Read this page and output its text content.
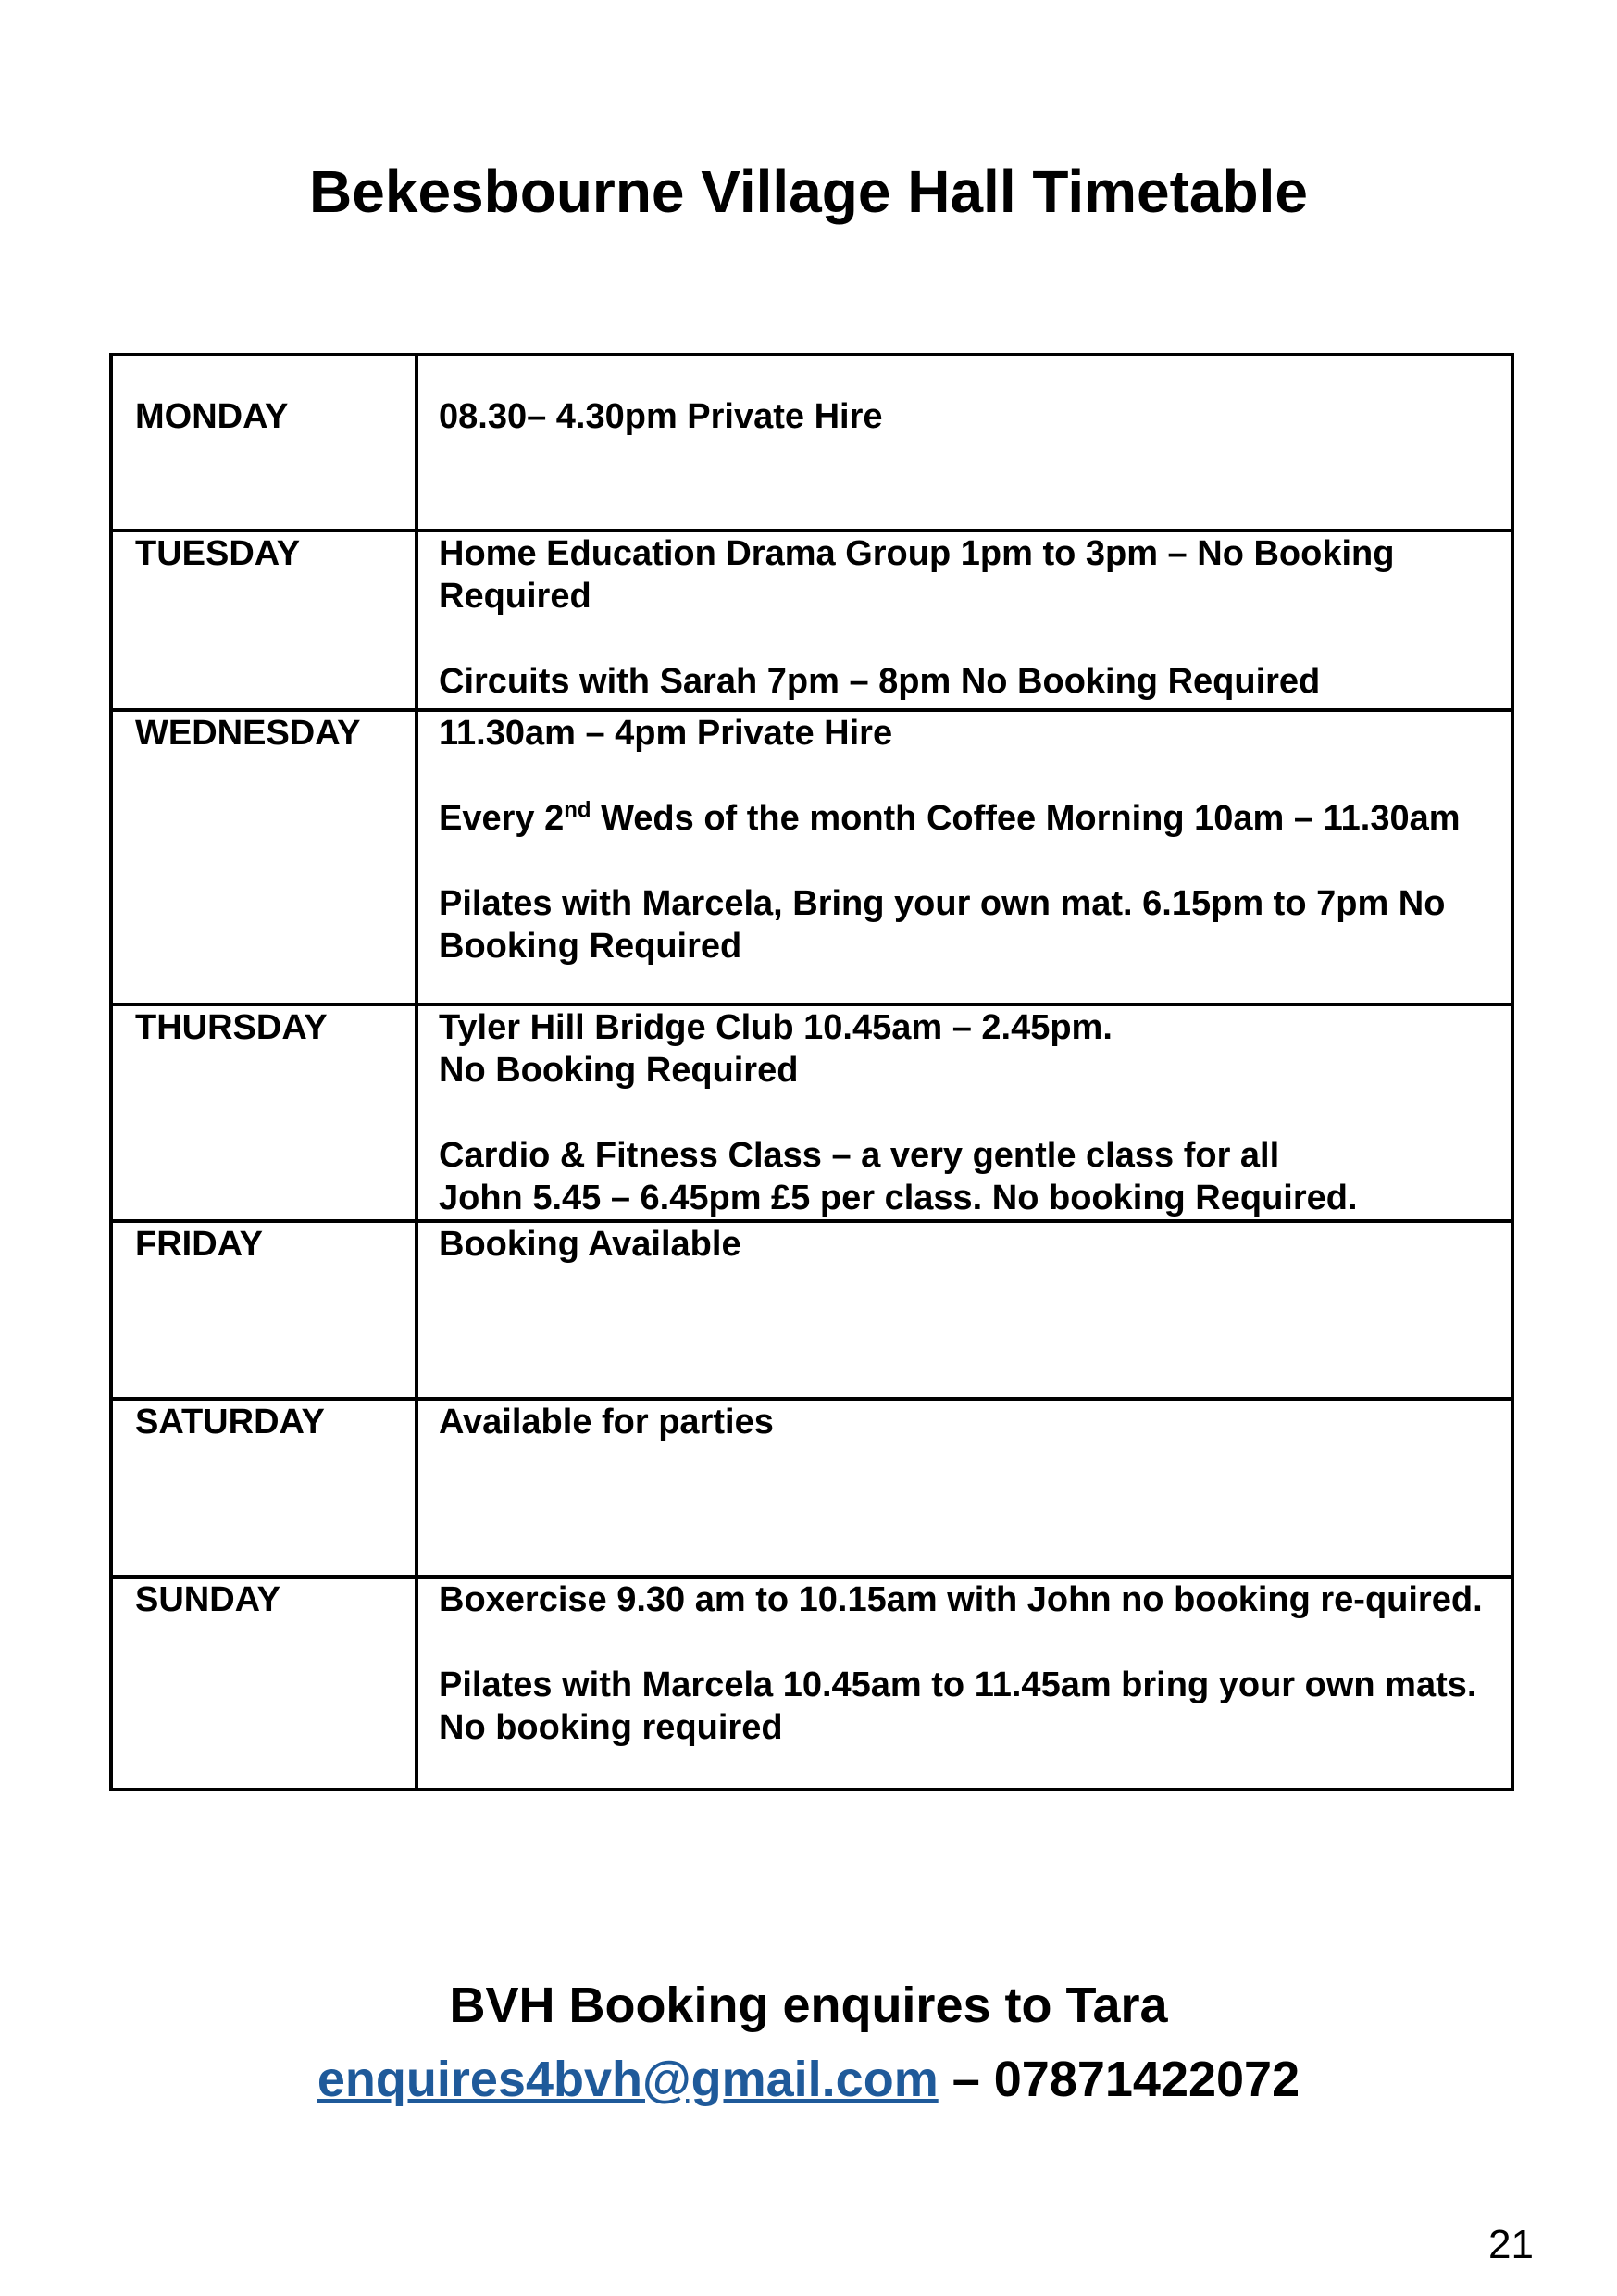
Bekesbourne Village Hall Timetable
MONDAY	08.30– 4.30pm Private Hire

TUESDAY	Home Education Drama Group 1pm to 3pm – No Booking Required

Circuits with Sarah 7pm – 8pm No Booking Required

WEDNESDAY	11.30am – 4pm Private Hire

Every 2nd Weds of the month Coffee Morning 10am – 11.30am

Pilates with Marcela, Bring your own mat. 6.15pm to 7pm No Booking Required

THURSDAY	Tyler Hill Bridge Club 10.45am – 2.45pm.
No Booking Required

Cardio & Fitness Class – a very gentle class for all
John 5.45 – 6.45pm £5 per class. No booking Required.

FRIDAY	Booking Available

SATURDAY	Available for parties

SUNDAY	Boxercise 9.30 am to 10.15am with John no booking re-quired.

Pilates with Marcela 10.45am to 11.45am bring your own mats. No booking required

BVH Booking enquires to Tara
enquires4bvh@gmail.com – 07871422072
21
